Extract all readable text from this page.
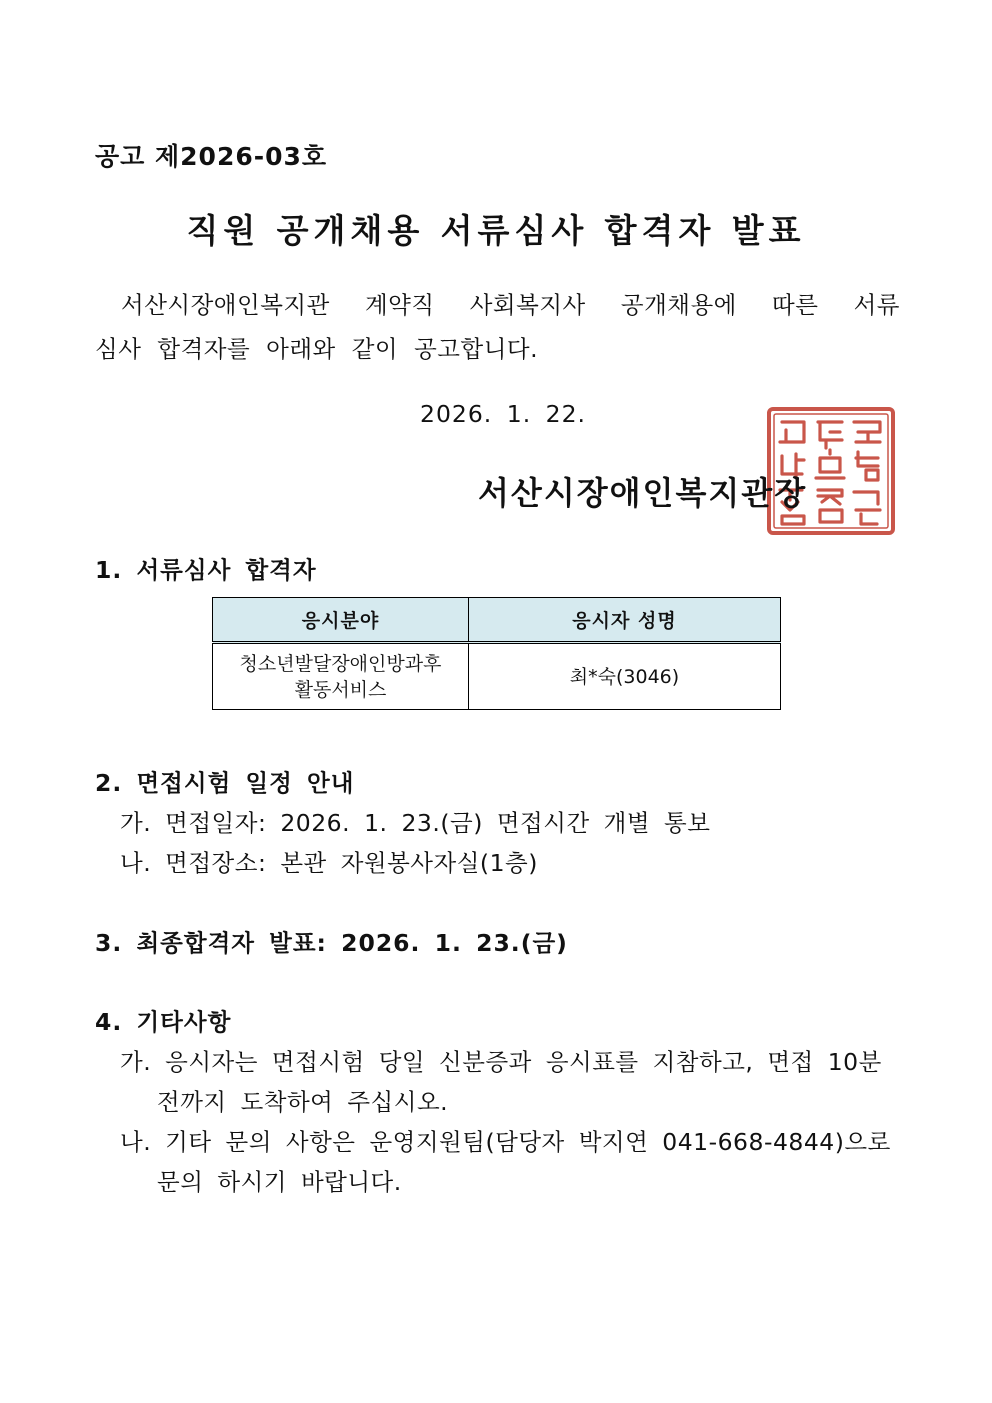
공고 제2026-03호
직원 공개채용 서류심사 합격자 발표
서산시장애인복지관 계약직 사회복지사 공개채용에 따른 서류
심사 합격자를 아래와 같이 공고합니다.
2026. 1. 22.
서산시장애인복지관장
1. 서류심사 합격자
응시분야	응시자 성명

청소년발달장애인방과후
활동서비스	최*숙(3046)
2. 면접시험 일정 안내
가. 면접일자: 2026. 1. 23.(금) 면접시간 개별 통보
나. 면접장소: 본관 자원봉사자실(1층)
3. 최종합격자 발표: 2026. 1. 23.(금)
4. 기타사항
가. 응시자는 면접시험 당일 신분증과 응시표를 지참하고, 면접 10분
전까지 도착하여 주십시오.
나. 기타 문의 사항은 운영지원팀(담당자 박지연 041-668-4844)으로
문의 하시기 바랍니다.
